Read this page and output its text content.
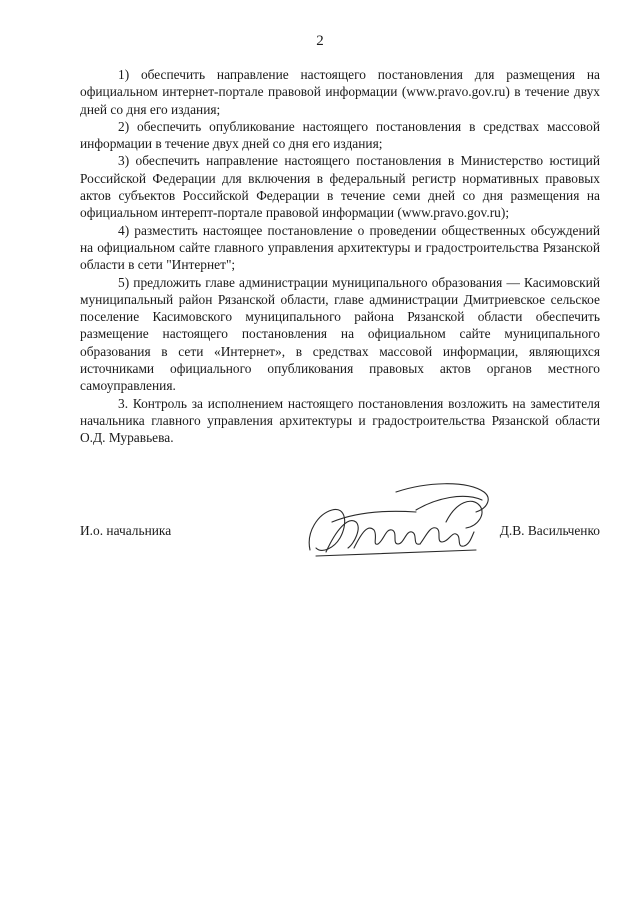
2

1) обеспечить направление настоящего постановления для размещения на официальном интернет-портале правовой информации (www.pravo.gov.ru) в течение двух дней со дня его издания;

2) обеспечить опубликование настоящего постановления в средствах массовой информации в течение двух дней со дня его издания;

3) обеспечить направление настоящего постановления в Министерство юстиций Российской Федерации для включения в федеральный регистр нормативных правовых актов субъектов Российской Федерации в течение семи дней со дня размещения на официальном интерепт-портале правовой информации (www.pravo.gov.ru);

4) разместить настоящее постановление о проведении общественных обсуждений на официальном сайте главного управления архитектуры и градостроительства Рязанской области в сети "Интернет";

5) предложить главе администрации муниципального образования — Касимовский муниципальный район Рязанской области, главе администрации Дмитриевское сельское поселение Касимовского муниципального района Рязанской области обеспечить размещение настоящего постановления на официальном сайте муниципального образования в сети «Интернет», в средствах массовой информации, являющихся источниками официального опубликования правовых актов органов местного самоуправления.

3. Контроль за исполнением настоящего постановления возложить на заместителя начальника главного управления архитектуры и градостроительства Рязанской области О.Д. Муравьева.

И.о. начальника	Д.В. Васильченко
